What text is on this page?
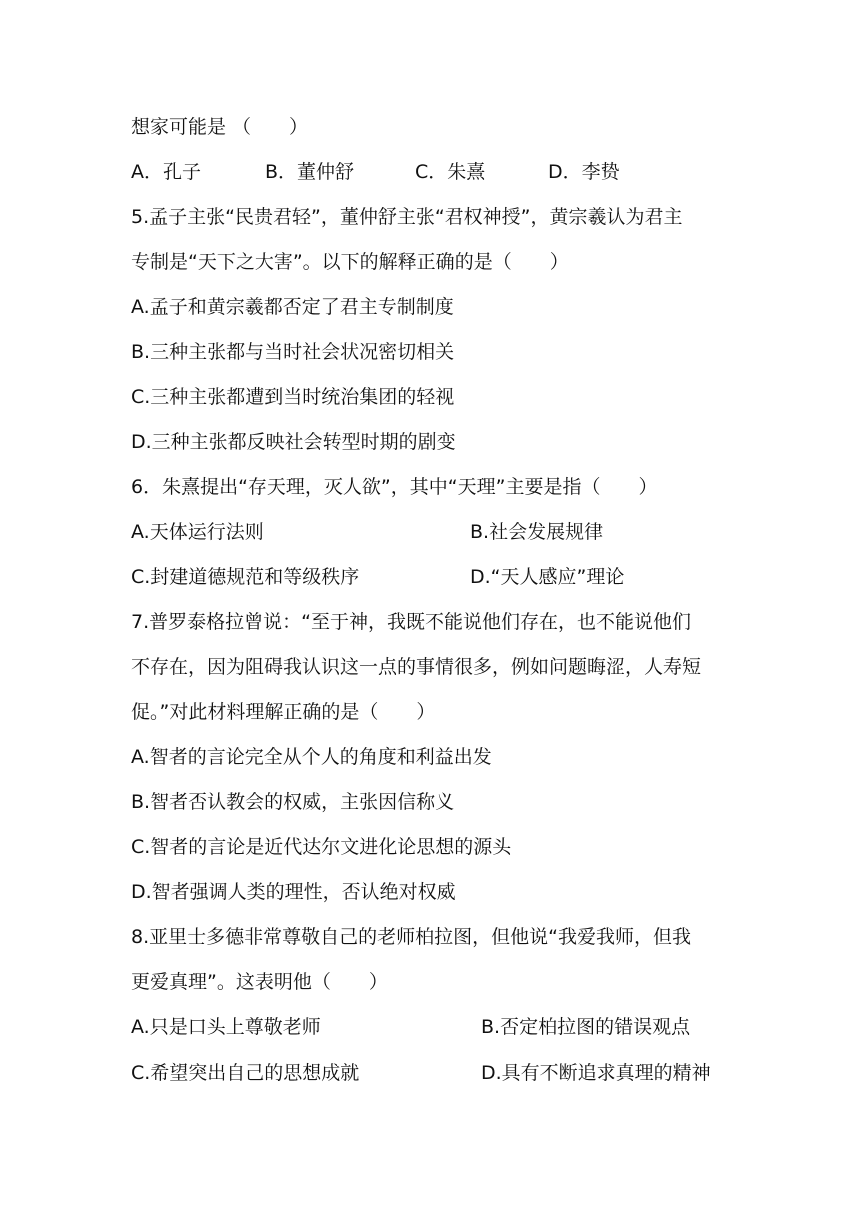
想家可能是 （　　）
A．孔子	B．董仲舒	C．朱熹	D．李贽
5.孟子主张“民贵君轻”，董仲舒主张“君权神授”，黄宗羲认为君主
专制是“天下之大害”。以下的解释正确的是（　　）
A.孟子和黄宗羲都否定了君主专制制度
B.三种主张都与当时社会状况密切相关
C.三种主张都遭到当时统治集团的轻视
D.三种主张都反映社会转型时期的剧变
6．朱熹提出“存天理，灭人欲”，其中“天理”主要是指（　　）
A.天体运行法则	B.社会发展规律
C.封建道德规范和等级秩序	D.“天人感应”理论
7.普罗泰格拉曾说：“至于神，我既不能说他们存在，也不能说他们
不存在，因为阻碍我认识这一点的事情很多，例如问题晦涩，人寿短
促。”对此材料理解正确的是（　　）
A.智者的言论完全从个人的角度和利益出发
B.智者否认教会的权威，主张因信称义
C.智者的言论是近代达尔文进化论思想的源头
D.智者强调人类的理性，否认绝对权威
8.亚里士多德非常尊敬自己的老师柏拉图，但他说“我爱我师，但我
更爱真理”。这表明他（　　）
A.只是口头上尊敬老师	B.否定柏拉图的错误观点
C.希望突出自己的思想成就	D.具有不断追求真理的精神
